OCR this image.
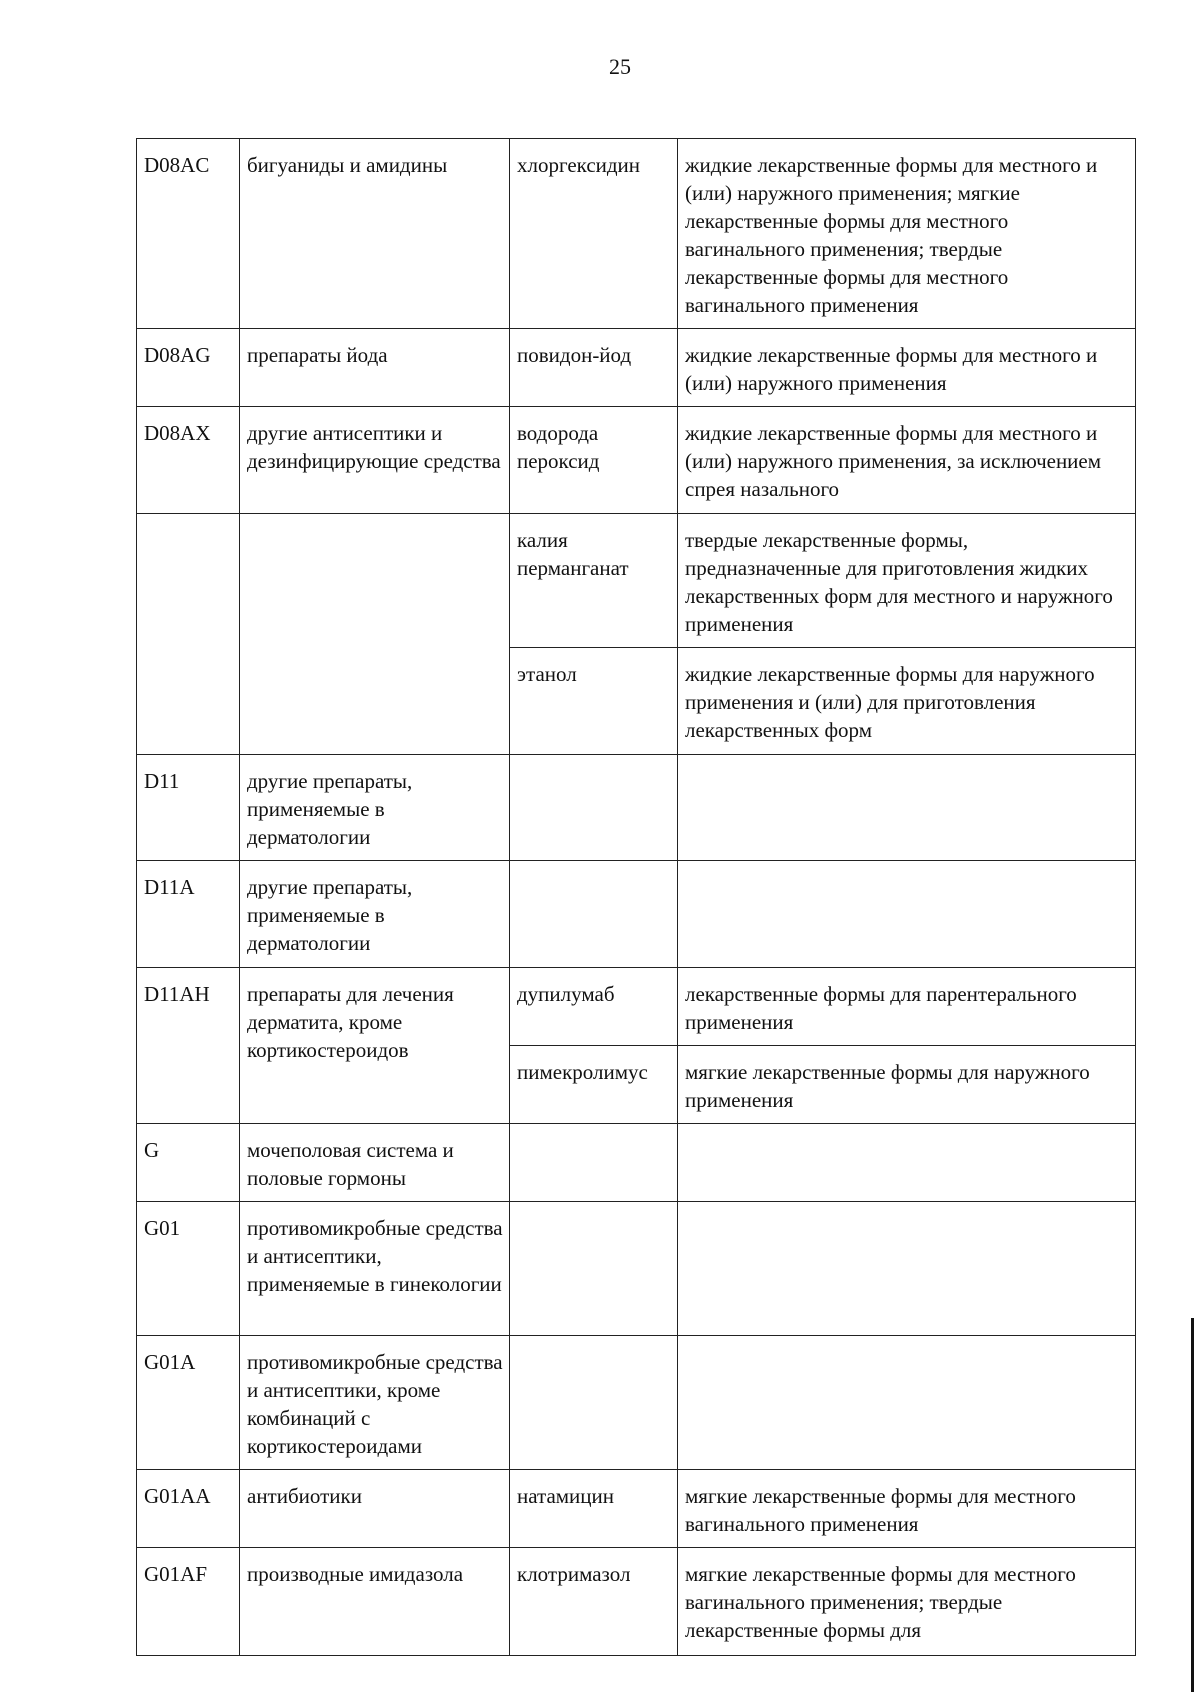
25
D08AC	бигуаниды и амидины	хлоргексидин	жидкие лекарственные формы для местного и (или) наружного применения; мягкие лекарственные формы для местного вагинального применения; твердые лекарственные формы для местного вагинального применения
D08AG	препараты йода	повидон-йод	жидкие лекарственные формы для местного и (или) наружного применения
D08AX	другие антисептики и дезинфицирующие средства	водорода пероксид	жидкие лекарственные формы для местного и (или) наружного применения, за исключением спрея назального
		калия перманганат	твердые лекарственные формы, предназначенные для приготовления жидких лекарственных форм для местного и наружного применения
		этанол	жидкие лекарственные формы для наружного применения и (или) для приготовления лекарственных форм
D11	другие препараты, применяемые в дерматологии		
D11A	другие препараты, применяемые в дерматологии		
D11AH	препараты для лечения дерматита, кроме кортикостероидов	дупилумаб	лекарственные формы для парентерального применения
		пимекролимус	мягкие лекарственные формы для наружного применения
G	мочеполовая система и половые гормоны		
G01	противомикробные средства и антисептики, применяемые в гинекологии		
G01A	противомикробные средства и антисептики, кроме комбинаций с кортикостероидами		
G01AA	антибиотики	натамицин	мягкие лекарственные формы для местного вагинального применения
G01AF	производные имидазола	клотримазол	мягкие лекарственные формы для местного вагинального применения; твердые лекарственные формы для
